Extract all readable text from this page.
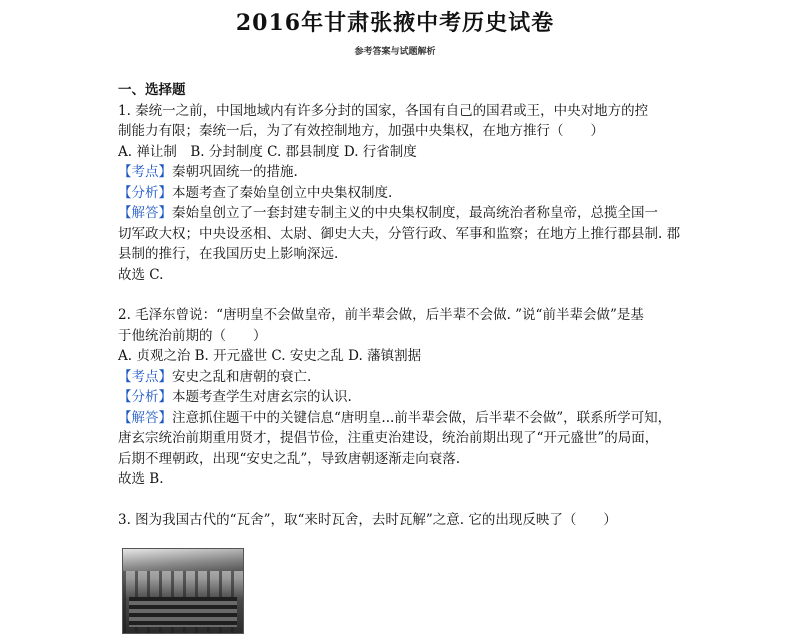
2016年甘肃张掖中考历史试卷
参考答案与试题解析
一、选择题
1. 秦统一之前，中国地域内有许多分封的国家，各国有自己的国君或王，中央对地方的控
制能力有限；秦统一后，为了有效控制地方，加强中央集权，在地方推行（　　）
A. 禅让制　B. 分封制度 C. 郡县制度 D. 行省制度
【考点】秦朝巩固统一的措施.
【分析】本题考查了秦始皇创立中央集权制度.
【解答】秦始皇创立了一套封建专制主义的中央集权制度，最高统治者称皇帝，总揽全国一
切军政大权；中央设丞相、太尉、御史大夫，分管行政、军事和监察；在地方上推行郡县制. 郡
县制的推行，在我国历史上影响深远.
故选 C.
2. 毛泽东曾说：“唐明皇不会做皇帝，前半辈会做，后半辈不会做. ”说“前半辈会做”是基
于他统治前期的（　　）
A. 贞观之治 B. 开元盛世 C. 安史之乱 D. 藩镇割据
【考点】安史之乱和唐朝的衰亡.
【分析】本题考查学生对唐玄宗的认识.
【解答】注意抓住题干中的关键信息“唐明皇...前半辈会做，后半辈不会做”，联系所学可知，
唐玄宗统治前期重用贤才，提倡节俭，注重吏治建设，统治前期出现了“开元盛世”的局面，
后期不理朝政，出现“安史之乱”，导致唐朝逐渐走向衰落.
故选 B.
3. 图为我国古代的“瓦舍”，取“来时瓦舍，去时瓦解”之意. 它的出现反映了（　　）
